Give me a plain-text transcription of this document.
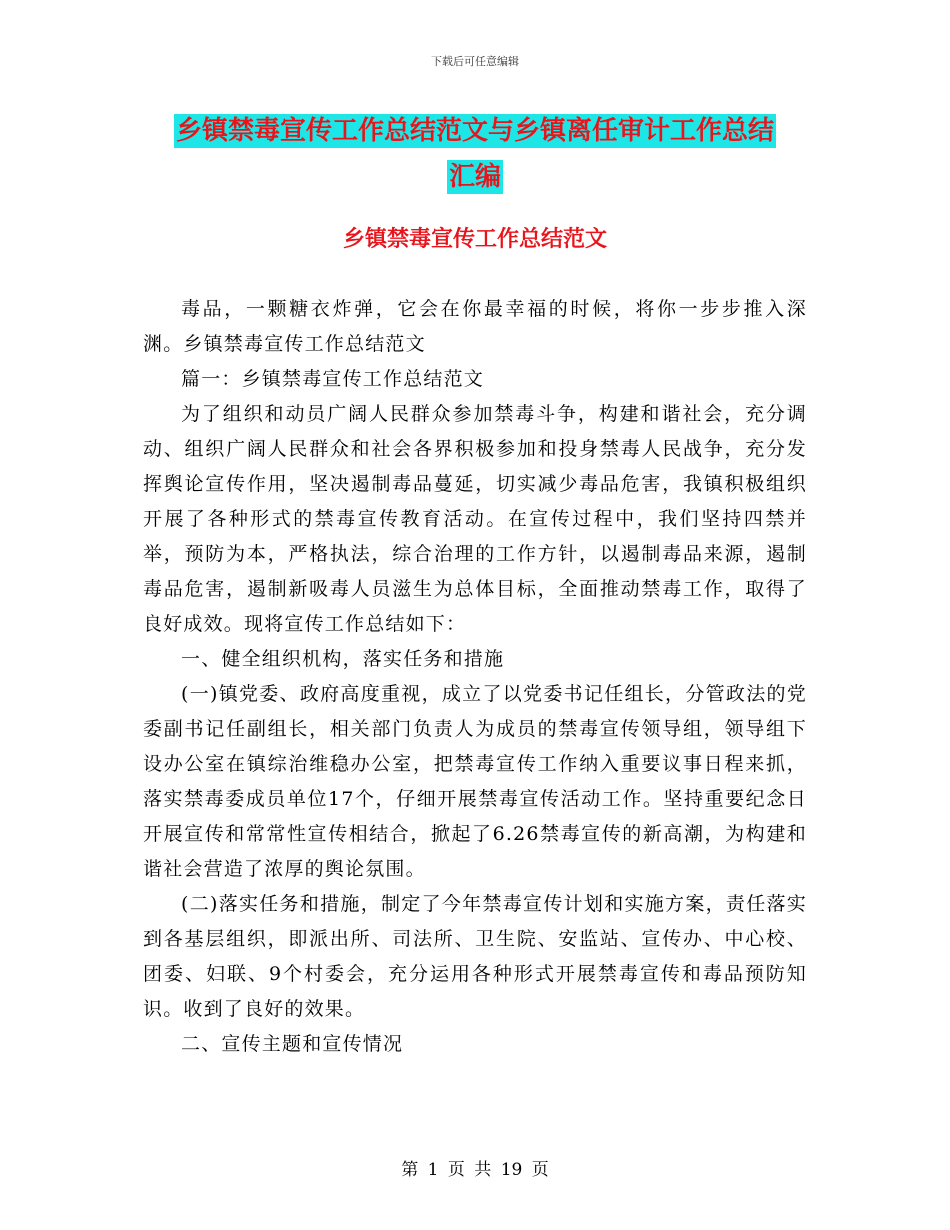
下载后可任意编辑
乡镇禁毒宣传工作总结范文与乡镇离任审计工作总结
汇编
乡镇禁毒宣传工作总结范文

毒品，一颗糖衣炸弹，它会在你最幸福的时候，将你一步步推入深渊。乡镇禁毒宣传工作总结范文

篇一：乡镇禁毒宣传工作总结范文

为了组织和动员广阔人民群众参加禁毒斗争，构建和谐社会，充分调动、组织广阔人民群众和社会各界积极参加和投身禁毒人民战争，充分发挥舆论宣传作用，坚决遏制毒品蔓延，切实减少毒品危害，我镇积极组织开展了各种形式的禁毒宣传教育活动。在宣传过程中，我们坚持四禁并举，预防为本，严格执法，综合治理的工作方针，以遏制毒品来源，遏制毒品危害，遏制新吸毒人员滋生为总体目标，全面推动禁毒工作，取得了良好成效。现将宣传工作总结如下：

一、健全组织机构，落实任务和措施

(一)镇党委、政府高度重视，成立了以党委书记任组长，分管政法的党委副书记任副组长，相关部门负责人为成员的禁毒宣传领导组，领导组下设办公室在镇综治维稳办公室，把禁毒宣传工作纳入重要议事日程来抓，落实禁毒委成员单位17个，仔细开展禁毒宣传活动工作。坚持重要纪念日开展宣传和常常性宣传相结合，掀起了6.26禁毒宣传的新高潮，为构建和谐社会营造了浓厚的舆论氛围。

(二)落实任务和措施，制定了今年禁毒宣传计划和实施方案，责任落实到各基层组织，即派出所、司法所、卫生院、安监站、宣传办、中心校、团委、妇联、9个村委会，充分运用各种形式开展禁毒宣传和毒品预防知识。收到了良好的效果。

二、宣传主题和宣传情况

第 1 页 共 19 页
